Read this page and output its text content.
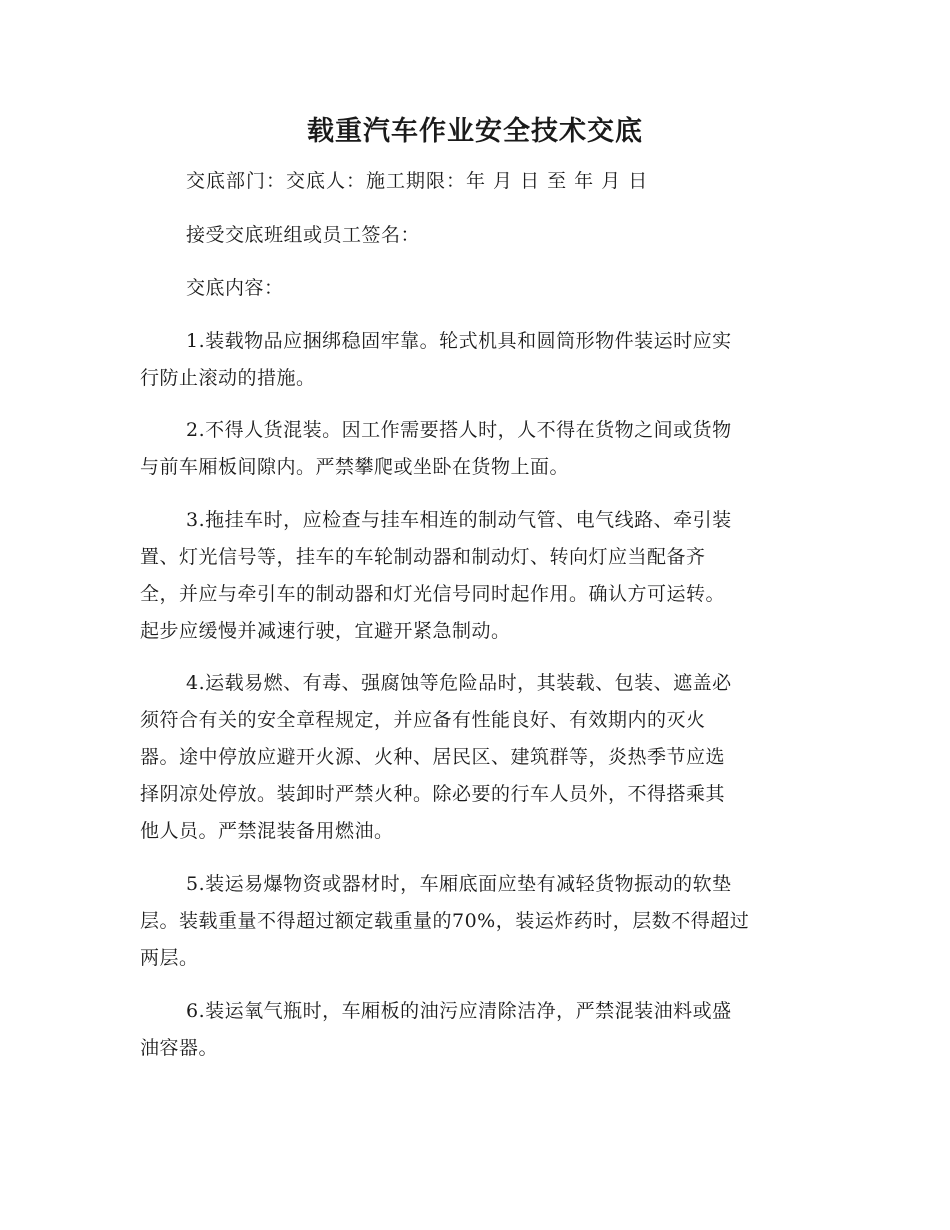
载重汽车作业安全技术交底
交底部门：交底人：施工期限：年 月 日 至 年 月 日
接受交底班组或员工签名：
交底内容：
1.装载物品应捆绑稳固牢靠。轮式机具和圆筒形物件装运时应实
行防止滚动的措施。
2.不得人货混装。因工作需要搭人时，人不得在货物之间或货物
与前车厢板间隙内。严禁攀爬或坐卧在货物上面。
3.拖挂车时，应检查与挂车相连的制动气管、电气线路、牵引装
置、灯光信号等，挂车的车轮制动器和制动灯、转向灯应当配备齐
全，并应与牵引车的制动器和灯光信号同时起作用。确认方可运转。
起步应缓慢并减速行驶，宜避开紧急制动。
4.运载易燃、有毒、强腐蚀等危险品时，其装载、包装、遮盖必
须符合有关的安全章程规定，并应备有性能良好、有效期内的灭火
器。途中停放应避开火源、火种、居民区、建筑群等，炎热季节应选
择阴凉处停放。装卸时严禁火种。除必要的行车人员外，不得搭乘其
他人员。严禁混装备用燃油。
5.装运易爆物资或器材时，车厢底面应垫有减轻货物振动的软垫
层。装载重量不得超过额定载重量的70%，装运炸药时，层数不得超过
两层。
6.装运氧气瓶时，车厢板的油污应清除洁净，严禁混装油料或盛
油容器。
